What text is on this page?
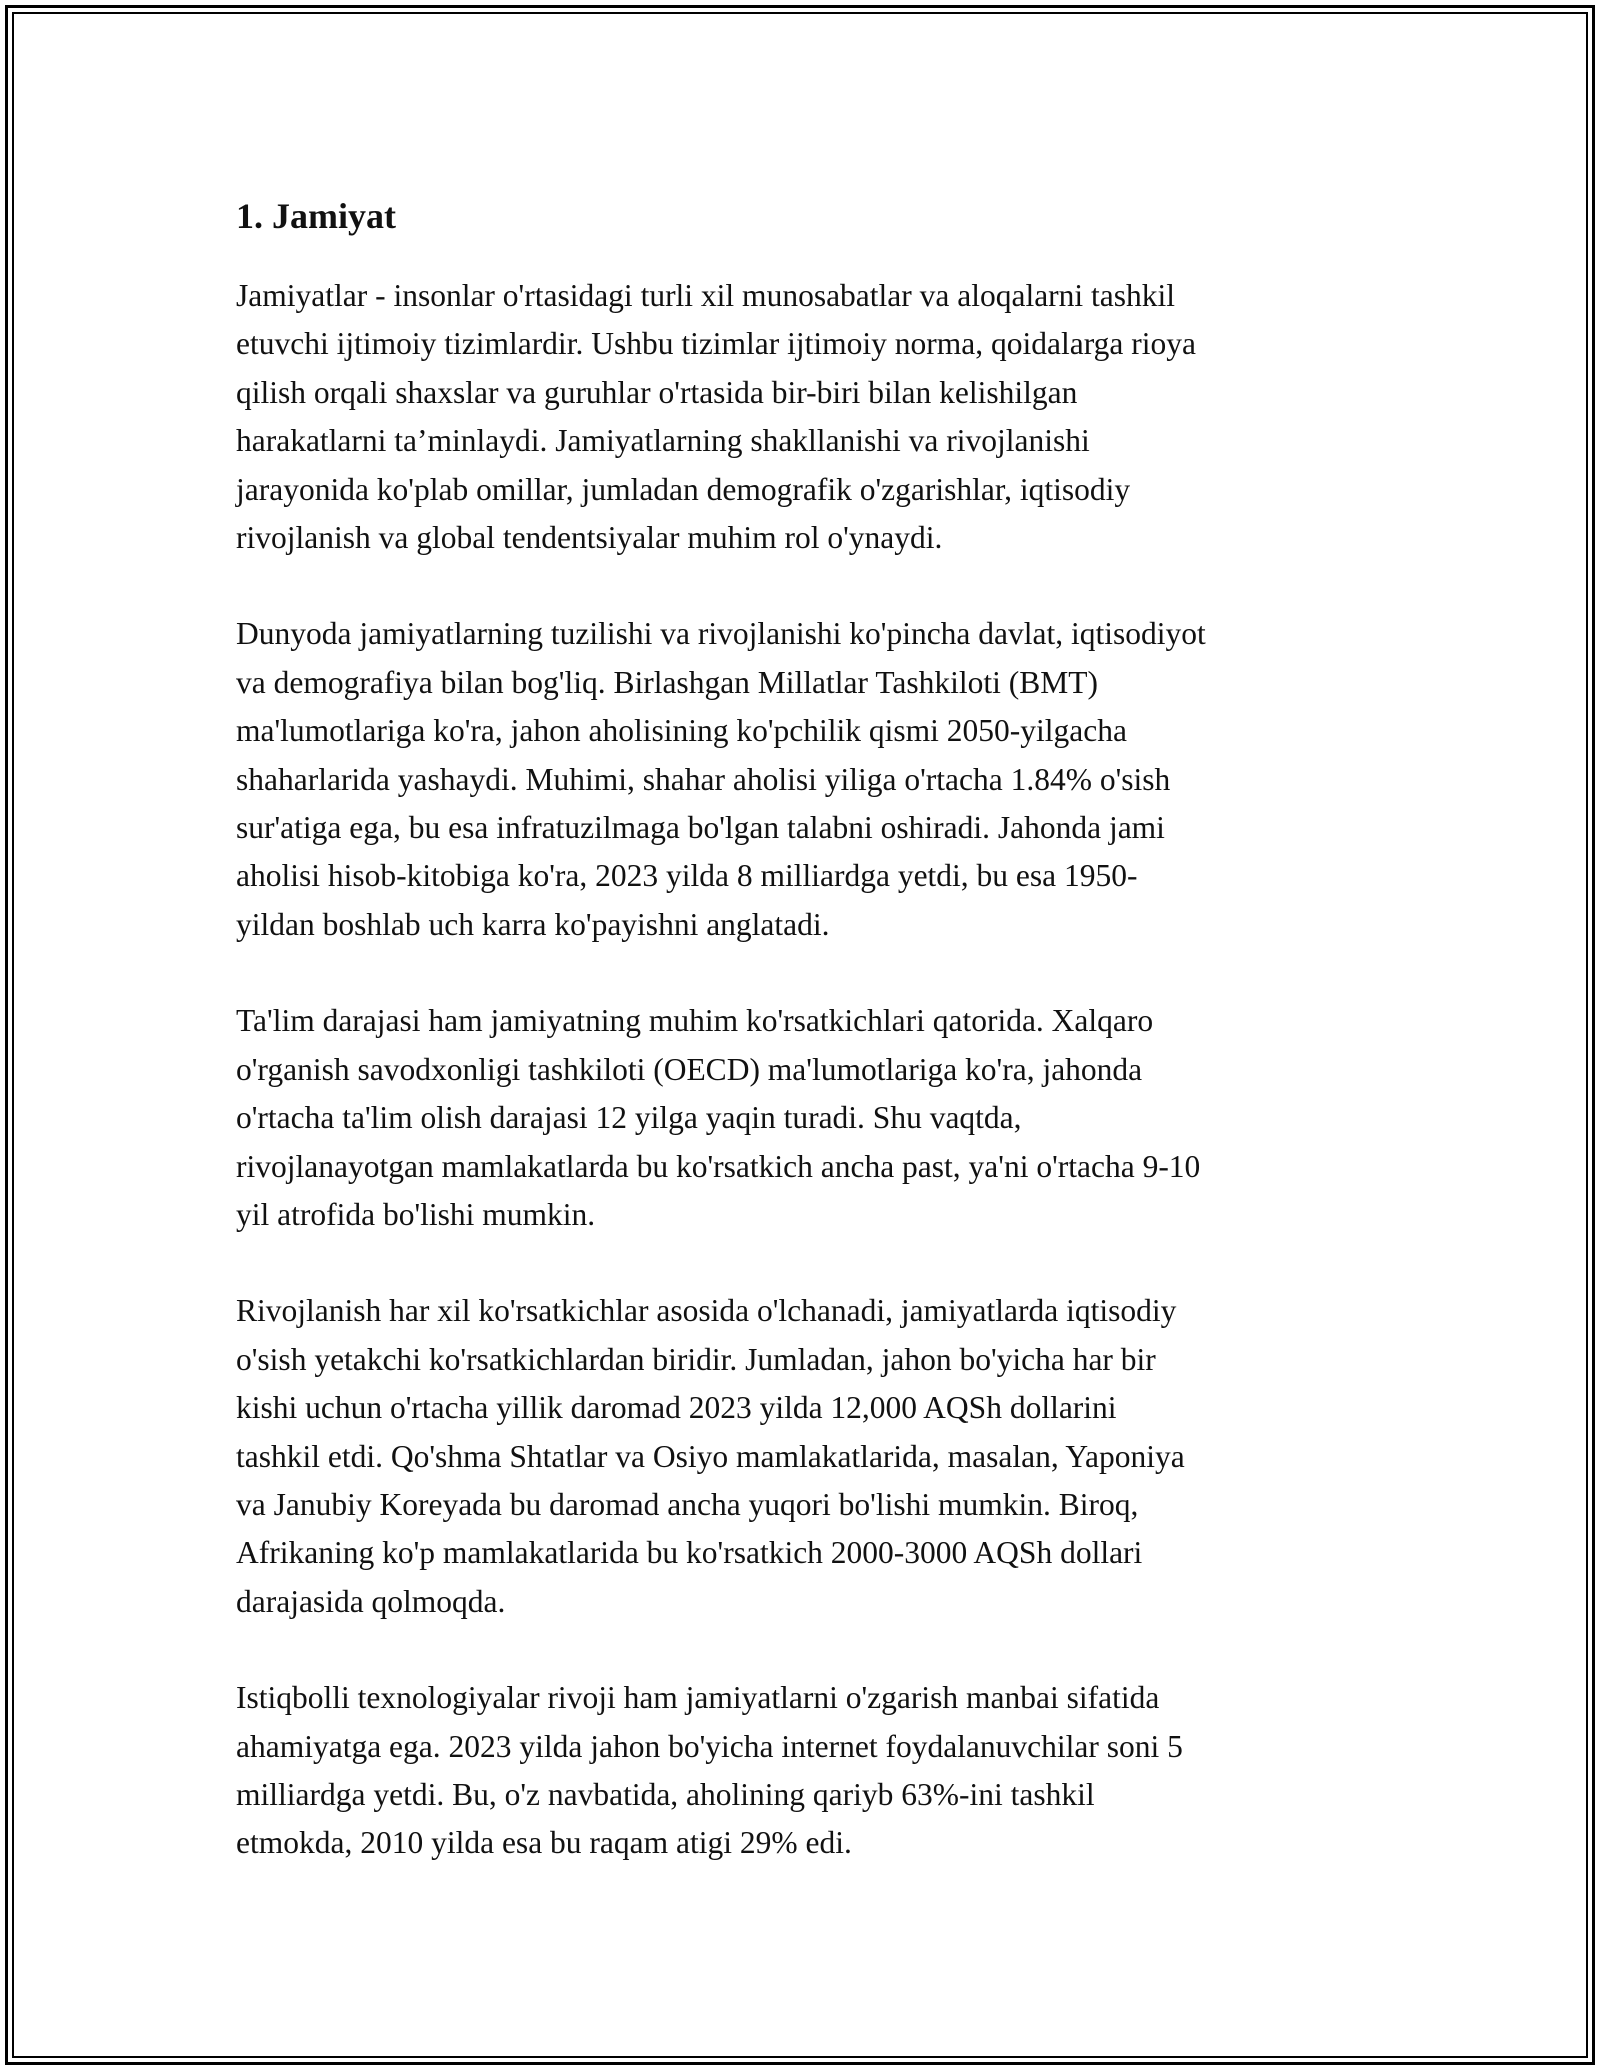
1. Jamiyat

Jamiyatlar - insonlar o'rtasidagi turli xil munosabatlar va aloqalarni tashkil
etuvchi ijtimoiy tizimlardir. Ushbu tizimlar ijtimoiy norma, qoidalarga rioya
qilish orqali shaxslar va guruhlar o'rtasida bir-biri bilan kelishilgan
harakatlarni ta’minlaydi. Jamiyatlarning shakllanishi va rivojlanishi
jarayonida ko'plab omillar, jumladan demografik o'zgarishlar, iqtisodiy
rivojlanish va global tendentsiyalar muhim rol o'ynaydi.

Dunyoda jamiyatlarning tuzilishi va rivojlanishi ko'pincha davlat, iqtisodiyot
va demografiya bilan bog'liq. Birlashgan Millatlar Tashkiloti (BMT)
ma'lumotlariga ko'ra, jahon aholisining ko'pchilik qismi 2050-yilgacha
shaharlarida yashaydi. Muhimi, shahar aholisi yiliga o'rtacha 1.84% o'sish
sur'atiga ega, bu esa infratuzilmaga bo'lgan talabni oshiradi. Jahonda jami
aholisi hisob-kitobiga ko'ra, 2023 yilda 8 milliardga yetdi, bu esa 1950-
yildan boshlab uch karra ko'payishni anglatadi.

Ta'lim darajasi ham jamiyatning muhim ko'rsatkichlari qatorida. Xalqaro
o'rganish savodxonligi tashkiloti (OECD) ma'lumotlariga ko'ra, jahonda
o'rtacha ta'lim olish darajasi 12 yilga yaqin turadi. Shu vaqtda,
rivojlanayotgan mamlakatlarda bu ko'rsatkich ancha past, ya'ni o'rtacha 9-10
yil atrofida bo'lishi mumkin.

Rivojlanish har xil ko'rsatkichlar asosida o'lchanadi, jamiyatlarda iqtisodiy
o'sish yetakchi ko'rsatkichlardan biridir. Jumladan, jahon bo'yicha har bir
kishi uchun o'rtacha yillik daromad 2023 yilda 12,000 AQSh dollarini
tashkil etdi. Qo'shma Shtatlar va Osiyo mamlakatlarida, masalan, Yaponiya
va Janubiy Koreyada bu daromad ancha yuqori bo'lishi mumkin. Biroq,
Afrikaning ko'p mamlakatlarida bu ko'rsatkich 2000-3000 AQSh dollari
darajasida qolmoqda.

Istiqbolli texnologiyalar rivoji ham jamiyatlarni o'zgarish manbai sifatida
ahamiyatga ega. 2023 yilda jahon bo'yicha internet foydalanuvchilar soni 5
milliardga yetdi. Bu, o'z navbatida, aholining qariyb 63%-ini tashkil
etmokda, 2010 yilda esa bu raqam atigi 29% edi.
